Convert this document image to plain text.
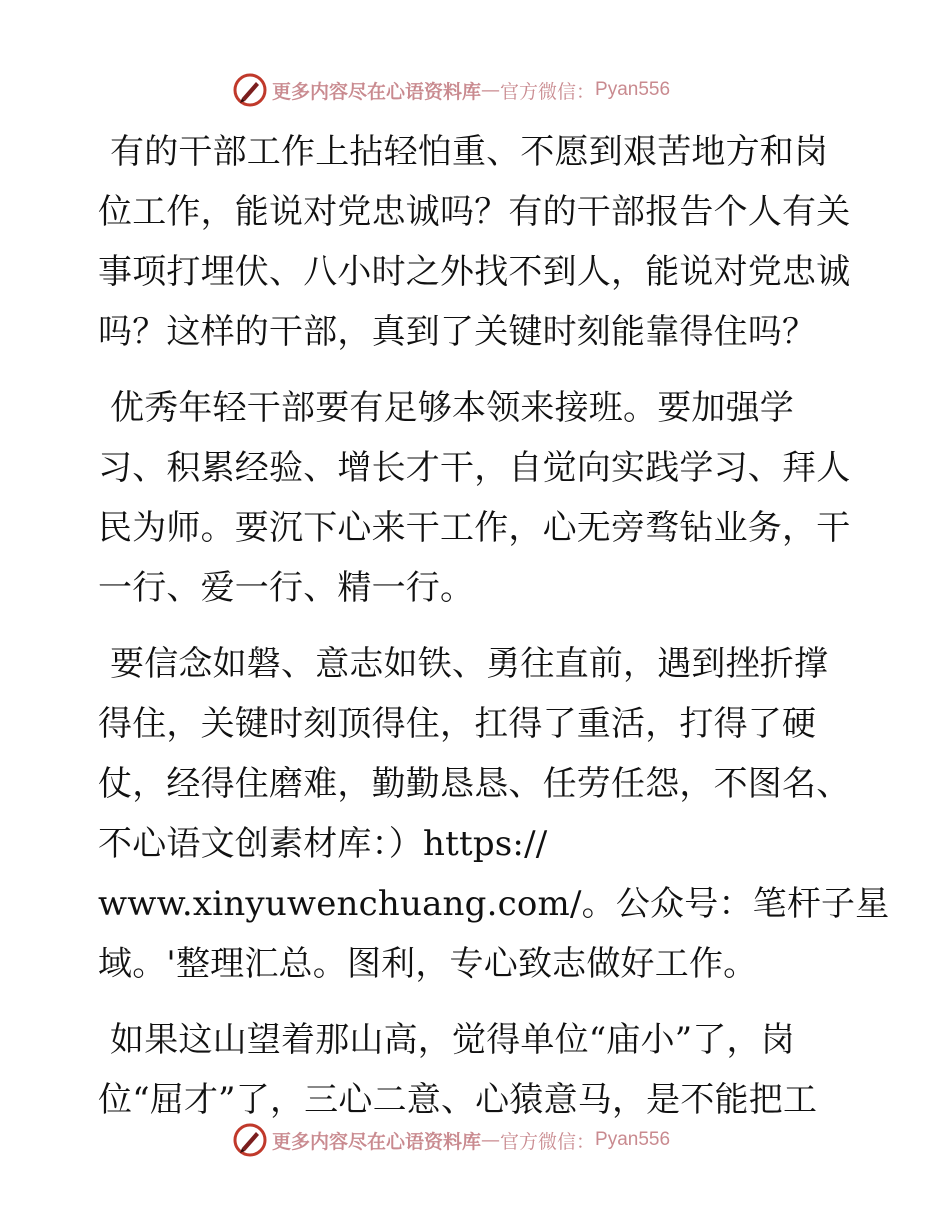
更多内容尽在心语资料库 — 官方微信： Pyan556
有的干部工作上拈轻怕重、不愿到艰苦地方和岗
位工作，能说对党忠诚吗？有的干部报告个人有关
事项打埋伏、八小时之外找不到人，能说对党忠诚
吗？这样的干部，真到了关键时刻能靠得住吗？
优秀年轻干部要有足够本领来接班。要加强学
习、积累经验、增长才干，自觉向实践学习、拜人
民为师。要沉下心来干工作，心无旁骛钻业务，干
一行、爱一行、精一行。
要信念如磐、意志如铁、勇往直前，遇到挫折撑
得住，关键时刻顶得住，扛得了重活，打得了硬
仗，经得住磨难，勤勤恳恳、任劳任怨，不图名、
不心语文创素材库：）https://
www.xinyuwenchuang.com/。公众号：笔杆子星
域。'整理汇总。图利，专心致志做好工作。
如果这山望着那山高，觉得单位“庙小”了，岗
位“屈才”了，三心二意、心猿意马，是不能把工
更多内容尽在心语资料库 — 官方微信： Pyan556
